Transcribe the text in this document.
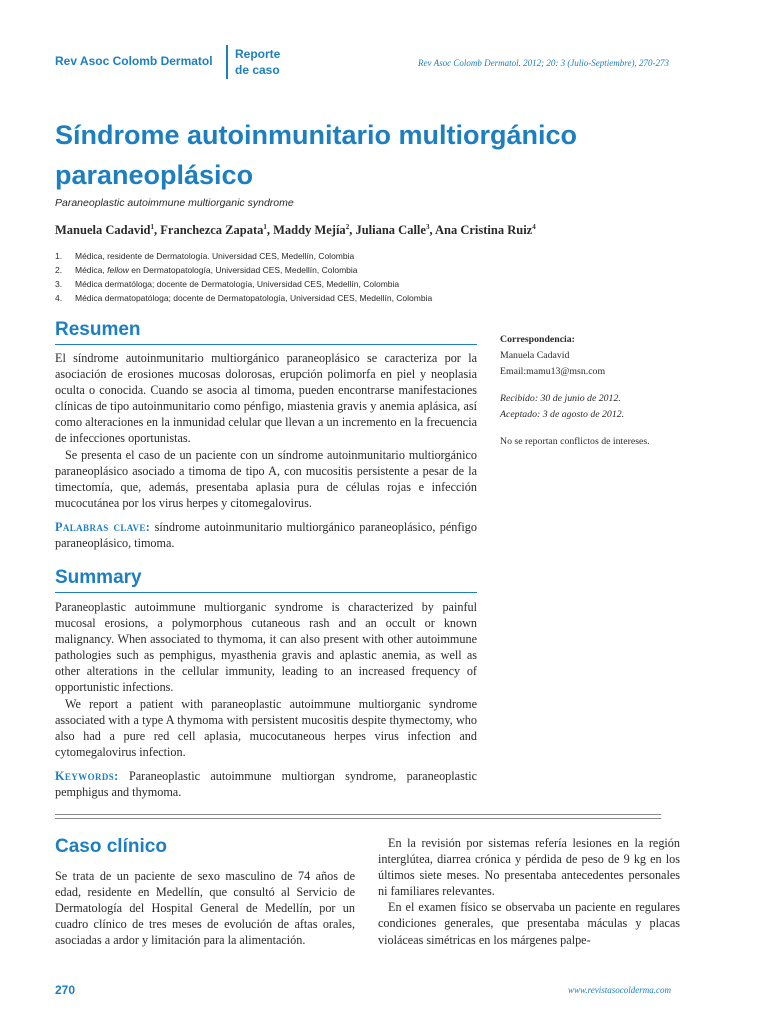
Rev Asoc Colomb Dermatol Reporte
de caso	Rev Asoc Colomb Dermatol. 2012; 20: 3 (Julio-Septiembre), 270-273
Síndrome autoinmunitario multiorgánico
paraneoplásico
Paraneoplastic autoimmune multiorganic syndrome
Manuela Cadavid$^1$, Franchezca Zapata$^1$, Maddy Mejía$^2$, Juliana Calle$^3$, Ana Cristina Ruiz$^4$
1. Médica, residente de Dermatología. Universidad CES, Medellín, Colombia
2. Médica, fellow en Dermatopatología, Universidad CES, Medellín, Colombia
3. Médica dermatóloga; docente de Dermatología, Universidad CES, Medellín, Colombia
4. Médica dermatopatóloga; docente de Dermatopatología, Universidad CES, Medellín, Colombia
Resumen

El síndrome autoinmunitario multiorgánico paraneoplásico se caracteriza por la asociación de erosiones mucosas dolorosas, erupción polimorfa en piel y neoplasia oculta o conocida. Cuando se asocia al timoma, pueden encontrarse manifestaciones clínicas de tipo autoinmunitario como pénfigo, miastenia gravis y anemia aplásica, así como alteraciones en la inmunidad celular que llevan a un incremento en la frecuencia de infecciones oportunistas.

Se presenta el caso de un paciente con un síndrome autoinmunitario multiorgánico paraneoplásico asociado a timoma de tipo A, con mucositis persistente a pesar de la timectomía, que, además, presentaba aplasia pura de células rojas e infección mucocutánea por los virus herpes y citomegalovirus.

Palabras clave: síndrome autoinmunitario multiorgánico paraneoplásico, pénfigo paraneoplásico, timoma.

Summary

Paraneoplastic autoimmune multiorganic syndrome is characterized by painful mucosal erosions, a polymorphous cutaneous rash and an occult or known malignancy. When associated to thymoma, it can also present with other autoimmune pathologies such as pemphigus, myasthenia gravis and aplastic anemia, as well as other alterations in the cellular immunity, leading to an increased frequency of opportunistic infections.

We report a patient with paraneoplastic autoimmune multiorganic syndrome associated with a type A thymoma with persistent mucositis despite thymectomy, who also had a pure red cell aplasia, mucocutaneous herpes virus infection and cytomegalovirus infection.

Keywords: Paraneoplastic autoimmune multiorgan syndrome, paraneoplastic pemphigus and thymoma.

Correspondencia:
Manuela Cadavid
Email:mamu13@msn.com
Recibido: 30 de junio de 2012.
Aceptado: 3 de agosto de 2012.
No se reportan conflictos de intereses.
Caso clínico

Se trata de un paciente de sexo masculino de 74 años de edad, residente en Medellín, que consultó al Servicio de Dermatología del Hospital General de Medellín, por un cuadro clínico de tres meses de evolución de aftas orales, asociadas a ardor y limitación para la alimentación.

En la revisión por sistemas refería lesiones en la región interglútea, diarrea crónica y pérdida de peso de 9 kg en los últimos siete meses. No presentaba antecedentes personales ni familiares relevantes.

En el examen físico se observaba un paciente en regulares condiciones generales, que presentaba máculas y placas violáceas simétricas en los márgenes palpe-

270	www.revistasocolderma.com
